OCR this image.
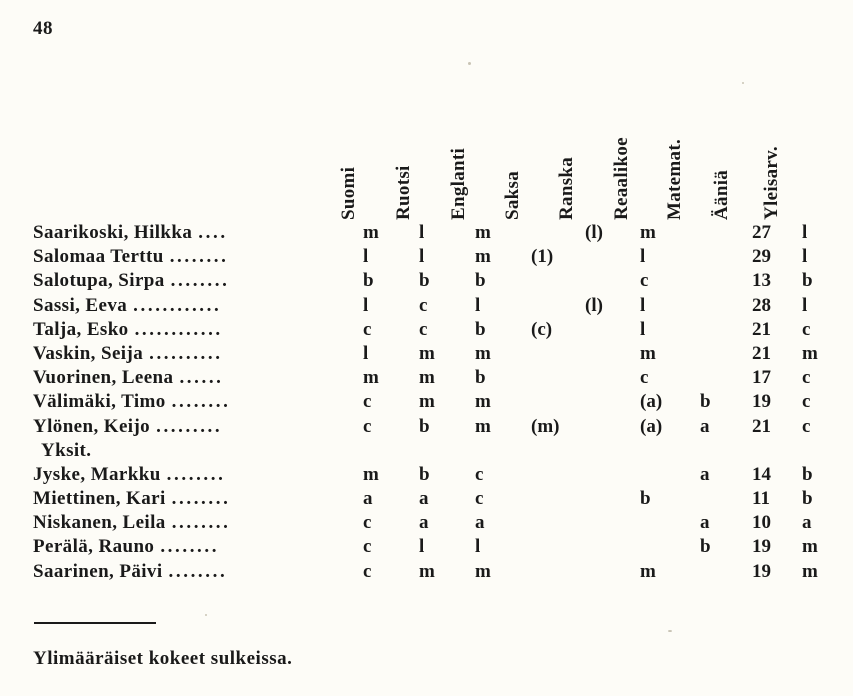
48
Suomi Ruotsi Englanti Saksa Ranska Reaalikoe Matemat. Ääniä Yleisarv.
Saarikoski, Hilkka ....	m	l	m		(l)	m		27	l
Salomaa Terttu ........	l	l	m	(1)		l		29	l
Salotupa, Sirpa ........	b	b	b			c		13	b
Sassi, Eeva ............	l	c	l		(l)	l		28	l
Talja, Esko ............	c	c	b	(c)		l		21	c
Vaskin, Seija ..........	l	m	m			m		21	m
Vuorinen, Leena ......	m	m	b			c		17	c
Välimäki, Timo ........	c	m	m			(a)	b	19	c
Ylönen, Keijo .........	c	b	m	(m)		(a)	a	21	c
Yksit.									
Jyske, Markku ........	m	b	c				a	14	b
Miettinen, Kari ........	a	a	c			b		11	b
Niskanen, Leila ........	c	a	a				a	10	a
Perälä, Rauno ........	c	l	l				b	19	m
Saarinen, Päivi ........	c	m	m			m		19	m
Ylimääräiset kokeet sulkeissa.
